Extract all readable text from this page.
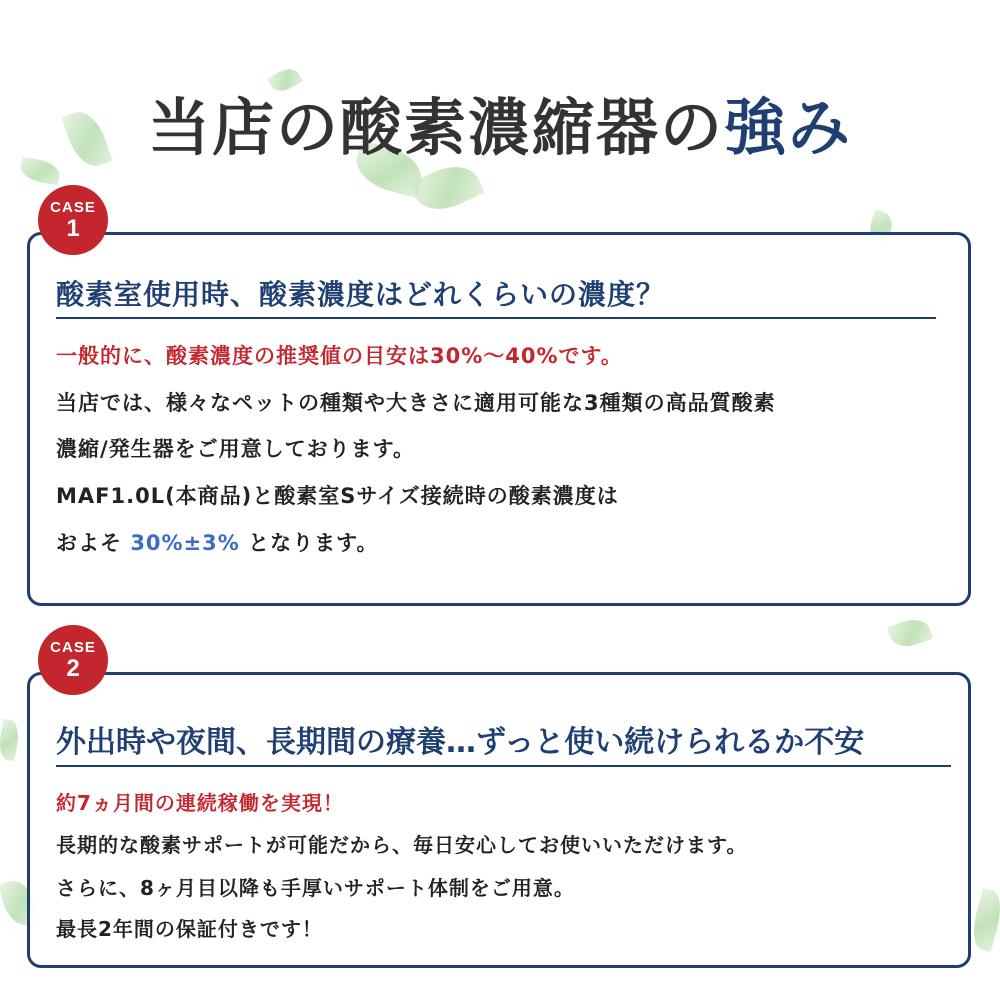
当店の酸素濃縮器の強み
酸素室使用時、酸素濃度はどれくらいの濃度？
一般的に、酸素濃度の推奨値の目安は30%～40%です。
当店では、様々なペットの種類や大きさに適用可能な3種類の高品質酸素
濃縮/発生器をご用意しております。
MAF1.0L(本商品)と酸素室Sサイズ接続時の酸素濃度は
およそ 30%±3% となります。
CASE
1
外出時や夜間、長期間の療養…ずっと使い続けられるか不安
約7ヵ月間の連続稼働を実現！
長期的な酸素サポートが可能だから、毎日安心してお使いいただけます。
さらに、8ヶ月目以降も手厚いサポート体制をご用意。
最長2年間の保証付きです！
CASE
2
